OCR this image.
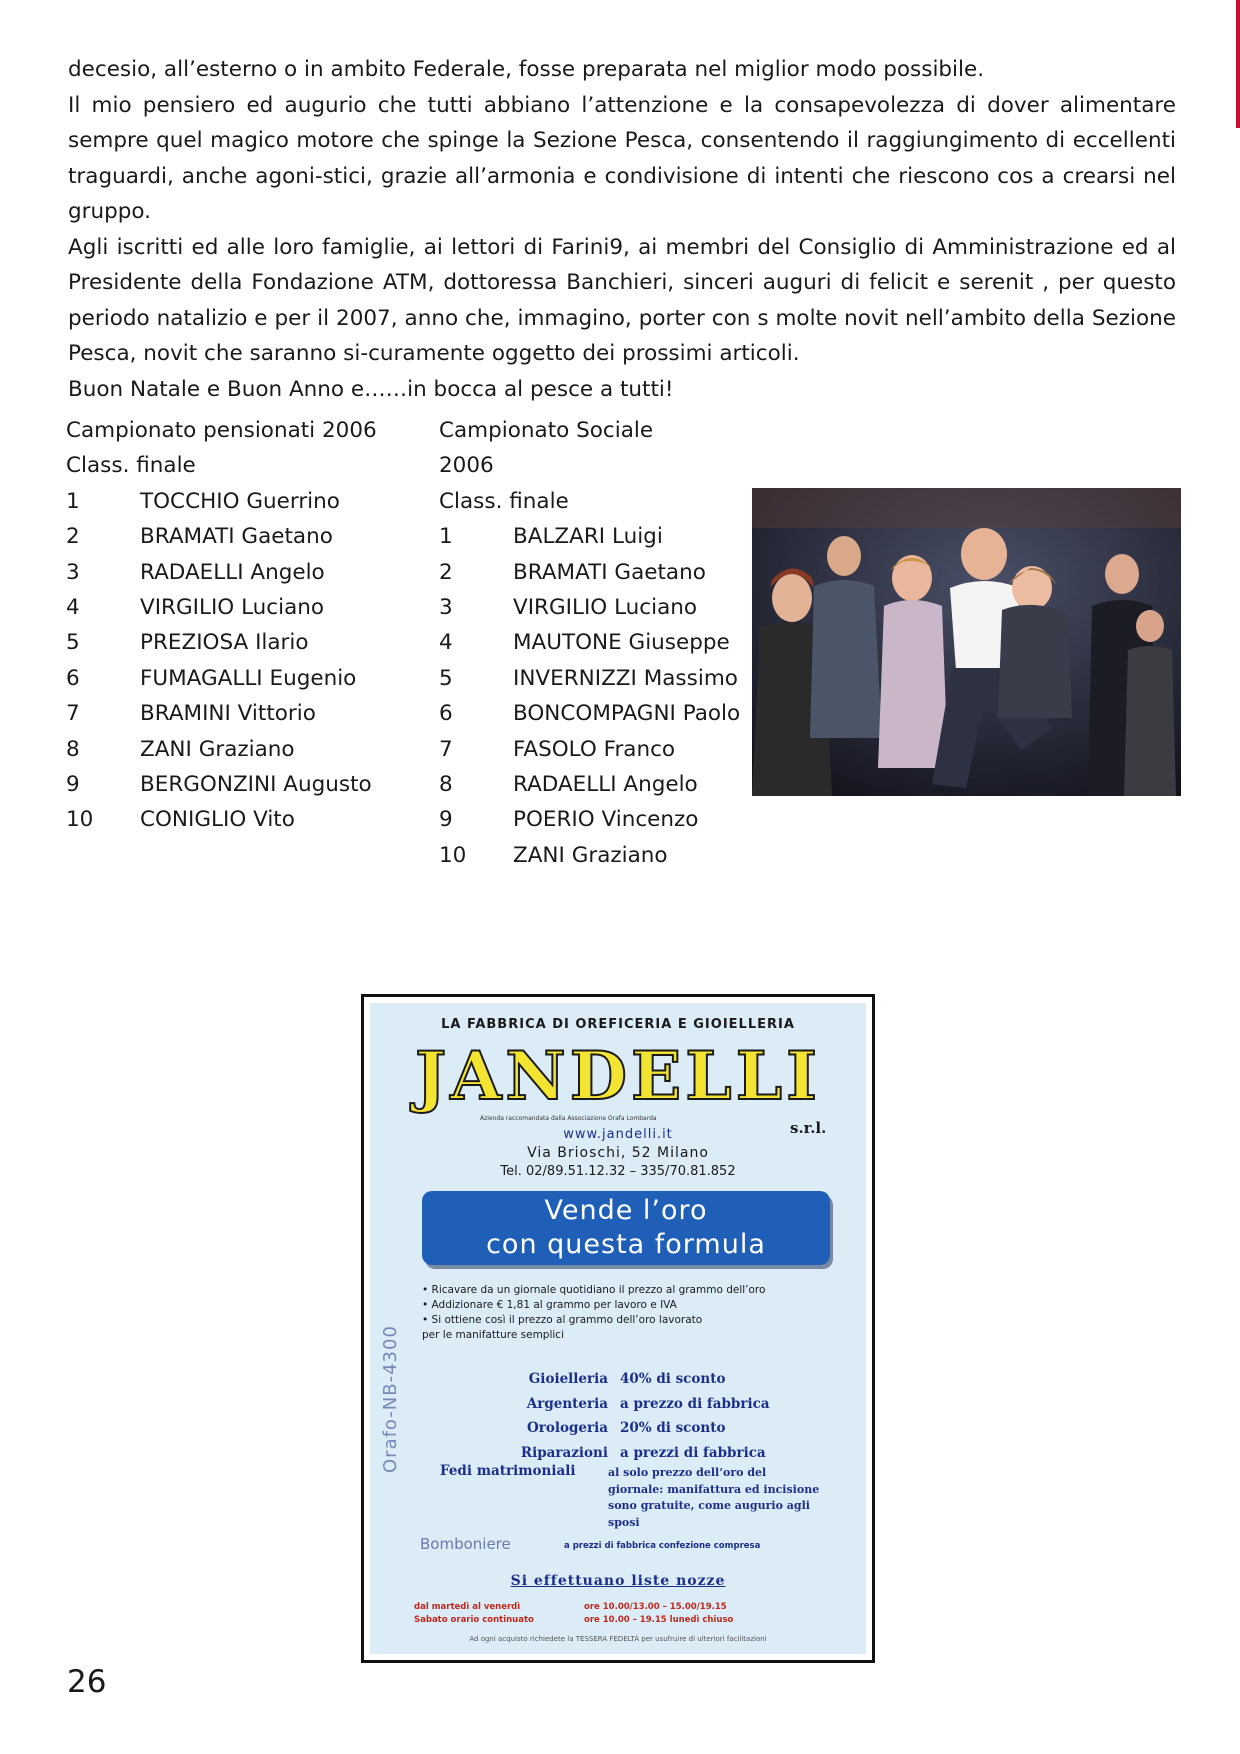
decesio, all’esterno o in ambito Federale, fosse preparata nel miglior modo possibile.

Il mio pensiero ed augurio che tutti abbiano l’attenzione e la consapevolezza di dover alimentare sempre quel magico motore che spinge la Sezione Pesca, consentendo il raggiungimento di eccellenti traguardi, anche agoni-stici, grazie all’armonia e condivisione di intenti che riescono cos a crearsi nel gruppo.

Agli iscritti ed alle loro famiglie, ai lettori di Farini9, ai membri del Consiglio di Amministrazione ed al Presidente della Fondazione ATM, dottoressa Banchieri, sinceri auguri di felicit e serenit , per questo periodo natalizio e per il 2007, anno che, immagino, porter con s molte novit nell’ambito della Sezione Pesca, novit che saranno si-curamente oggetto dei prossimi articoli.

Buon Natale e Buon Anno e……in bocca al pesce a tutti!

Campionato pensionati 2006
Class. finale
1	TOCCHIO Guerrino
2	BRAMATI Gaetano
3	RADAELLI Angelo
4	VIRGILIO Luciano
5	PREZIOSA Ilario
6	FUMAGALLI Eugenio
7	BRAMINI Vittorio
8	ZANI Graziano
9	BERGONZINI Augusto
10	CONIGLIO Vito
Campionato Sociale
2006
Class. finale
1	BALZARI Luigi
2	BRAMATI Gaetano
3	VIRGILIO Luciano
4	MAUTONE Giuseppe
5	INVERNIZZI Massimo
6	BONCOMPAGNI Paolo
7	FASOLO Franco
8	RADAELLI Angelo
9	POERIO Vincenzo
10	ZANI Graziano
LA FABBRICA DI OREFICERIA E GIOIELLERIA
JANDELLI
Azienda raccomandata dalla Associazione Orafa Lombarda
s.r.l.
www.jandelli.it
Via Brioschi, 52 Milano
Tel. 02/89.51.12.32 – 335/70.81.852
Vende l’oro
con questa formula
• Ricavare da un giornale quotidiano il prezzo al grammo dell’oro
• Addizionare € 1,81 al grammo per lavoro e IVA
• Si ottiene così il prezzo al grammo dell’oro lavorato
per le manifatture semplici
Orafo-NB-4300	Gioielleria 40% di sconto
Argenteria a prezzo di fabbrica
Orologeria 20% di sconto
Riparazioni a prezzi di fabbrica
Fedi matrimoniali	al solo prezzo dell’oro del giornale: manifattura ed incisione sono gratuite, come augurio agli sposi
Bomboniere	a prezzi di fabbrica confezione compresa
Si effettuano liste nozze
dal martedì al venerdì	ore 10.00/13.00 – 15.00/19.15
Sabato orario continuato	ore 10.00 – 19.15 lunedì chiuso
Ad ogni acquisto richiedete la TESSERA FEDELTÀ per usufruire di ulteriori facilitazioni
26
